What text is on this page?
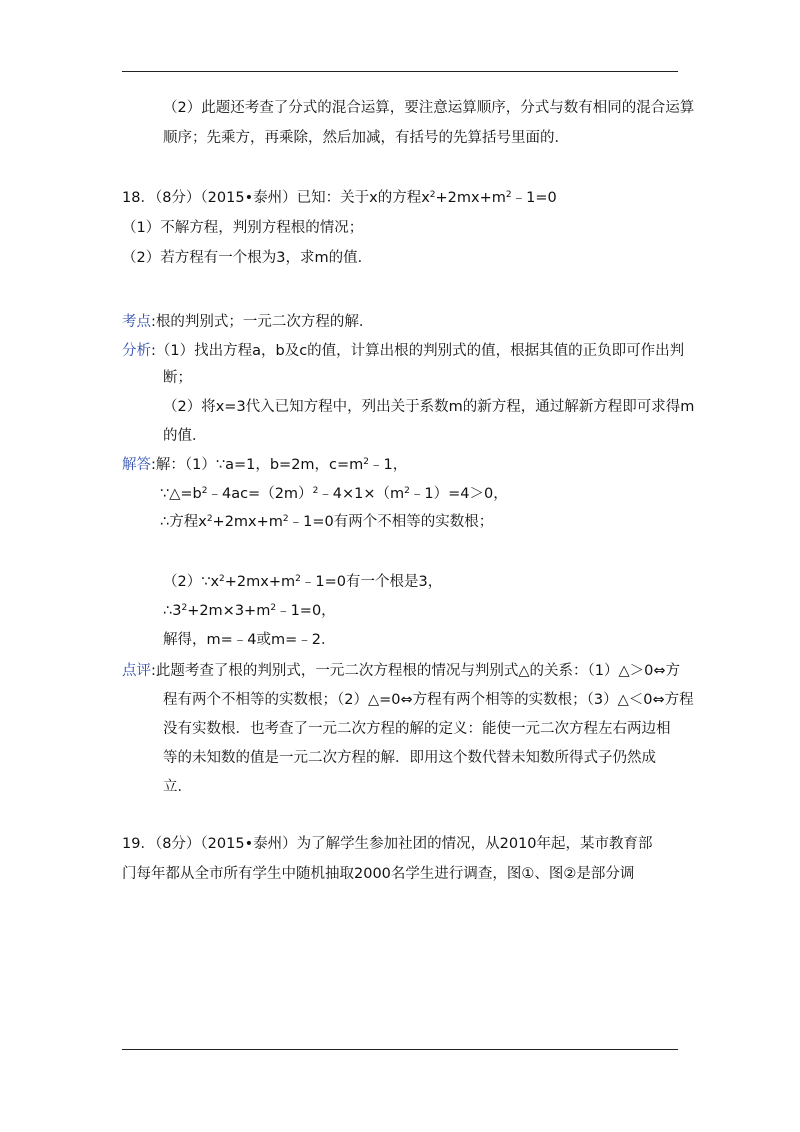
（2）此题还考查了分式的混合运算，要注意运算顺序，分式与数有相同的混合运算
顺序；先乘方，再乘除，然后加减，有括号的先算括号里面的．
18．（8分）（2015•泰州）已知：关于x的方程$x^2+2mx+m^2﹣1=0$
（1）不解方程，判别方程根的情况；
（2）若方程有一个根为3，求m的值．
考点:根的判别式；一元二次方程的解．
分析:（1）找出方程a，b及c的值，计算出根的判别式的值，根据其值的正负即可作出判
断；
（2）将x=3代入已知方程中，列出关于系数m的新方程，通过解新方程即可求得m
的值．
解答:解：（1）∵a=1，b=2m，$c=m^2﹣1$，
$\because\triangle=b^2﹣4ac=(2m)^2﹣4\times 1\times(m^2﹣1)=4>0$，
∴方程$x^2+2mx+m^2﹣1=0$有两个不相等的实数根；
$(2)\because x^2+2mx+m^2﹣1=0$有一个根是3，
$\therefore 3^2+2m\times 3+m^2﹣1=0$，
解得，m=﹣4或m=﹣2．
点评:此题考查了根的判别式，一元二次方程根的情况与判别式△的关系：（1）△＞0⇔方
程有两个不相等的实数根；（2）△=0⇔方程有两个相等的实数根；（3）△＜0⇔方程
没有实数根．也考查了一元二次方程的解的定义：能使一元二次方程左右两边相
等的未知数的值是一元二次方程的解．即用这个数代替未知数所得式子仍然成
立．
19．（8分）（2015•泰州）为了解学生参加社团的情况，从2010年起，某市教育部
门每年都从全市所有学生中随机抽取2000名学生进行调查，图①、图②是部分调
